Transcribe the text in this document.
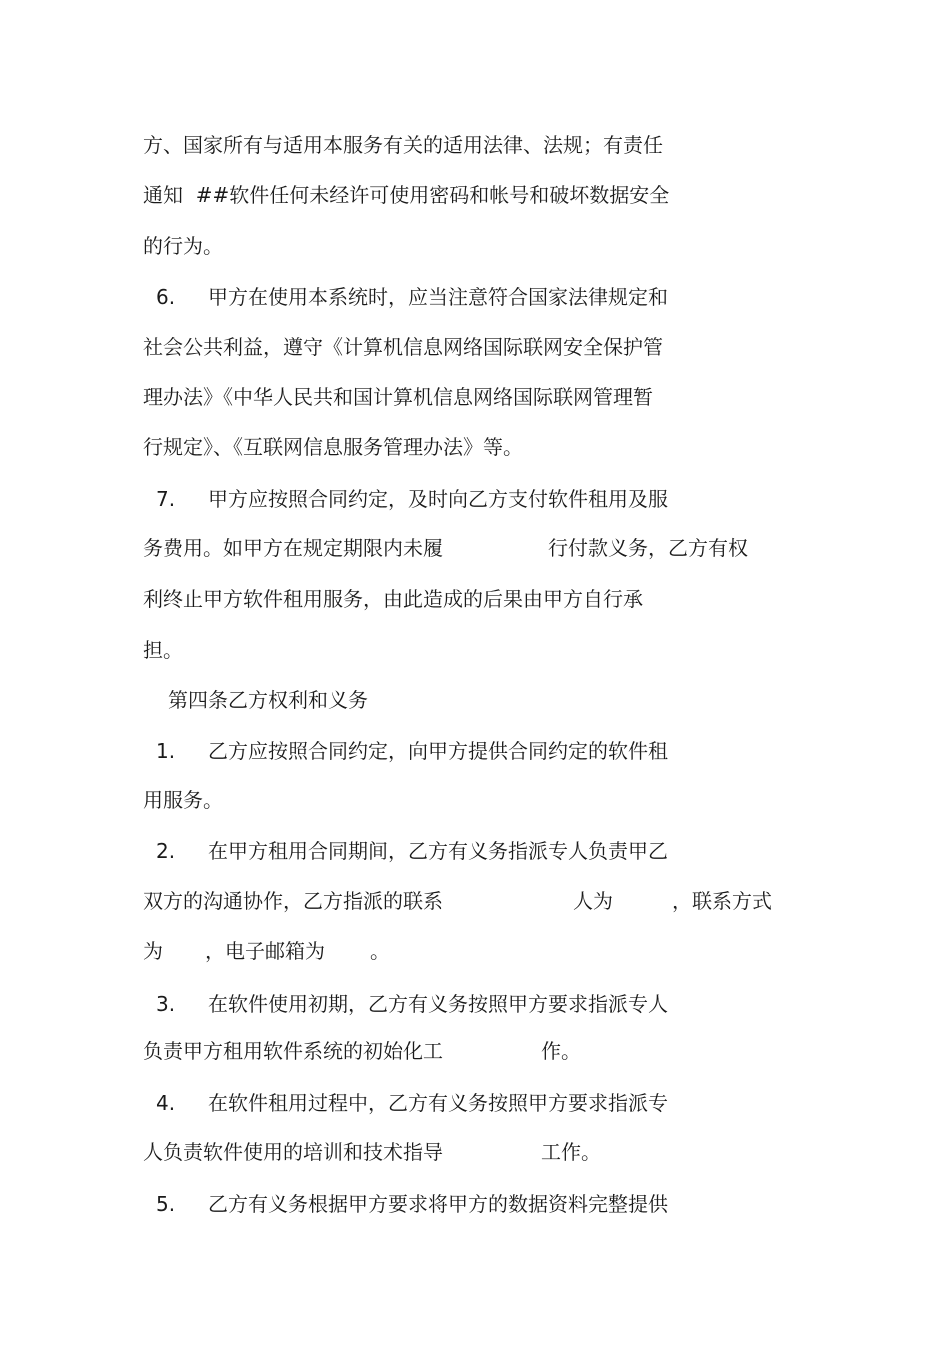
方、国家所有与适用本服务有关的适用法律、法规；有责任
通知  ##软件任何未经许可使用密码和帐号和破坏数据安全
的行为。
6. 甲方在使用本系统时，应当注意符合国家法律规定和
社会公共利益，遵守《计算机信息网络国际联网安全保护管
理办法》《中华人民共和国计算机信息网络国际联网管理暂
行规定》、《互联网信息服务管理办法》等。
7. 甲方应按照合同约定，及时向乙方支付软件租用及服
务费用。如甲方在规定期限内未履	行付款义务，乙方有权
利终止甲方软件租用服务，由此造成的后果由甲方自行承
担。
第四条乙方权利和义务
1. 乙方应按照合同约定，向甲方提供合同约定的软件租
用服务。
2. 在甲方租用合同期间，乙方有义务指派专人负责甲乙
双方的沟通协作，乙方指派的联系	人为	，联系方式
为 ，电子邮箱为 。
3. 在软件使用初期，乙方有义务按照甲方要求指派专人
负责甲方租用软件系统的初始化工	作。
4. 在软件租用过程中，乙方有义务按照甲方要求指派专
人负责软件使用的培训和技术指导	工作。
5. 乙方有义务根据甲方要求将甲方的数据资料完整提供
